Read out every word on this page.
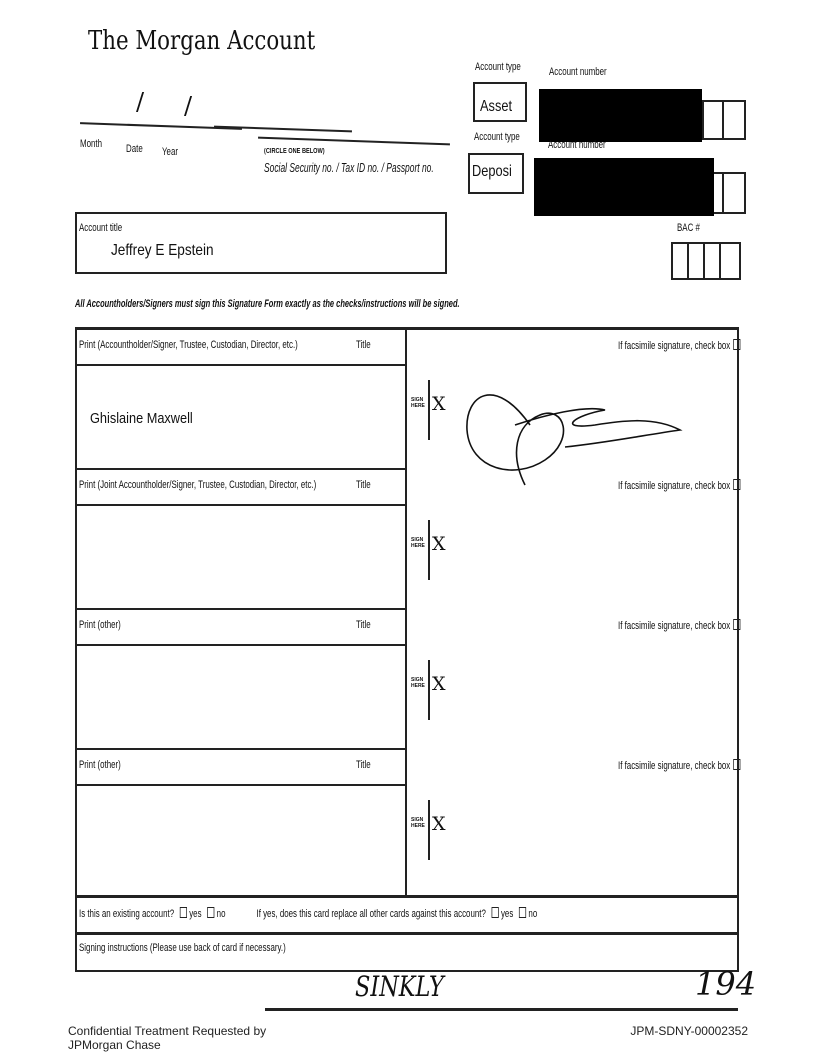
The Morgan Account
/ /
Month Date Year	(CIRCLE ONE BELOW)
Social Security no. / Tax ID no. / Passport no.
Account type
Asset
Account number
Account type
Deposi
Account number
BAC #
Account title
Jeffrey E Epstein
All Accountholders/Signers must sign this Signature Form exactly as the checks/instructions will be signed.
Print (Accountholder/Signer, Trustee, Custodian, Director, etc.)	Title
Ghislaine Maxwell
SIGN HERE X
If facsimile signature, check box
Print (Joint Accountholder/Signer, Trustee, Custodian, Director, etc.)	Title
SIGN HERE X
If facsimile signature, check box
Print (other)	Title
SIGN HERE X
If facsimile signature, check box
Print (other)	Title
SIGN HERE X
If facsimile signature, check box
Is this an existing account? yes no	If yes, does this card replace all other cards against this account? yes no
Signing instructions (Please use back of card if necessary.)
SINKLY	194
Confidential Treatment Requested by
JPMorgan Chase
JPM-SDNY-00002352
